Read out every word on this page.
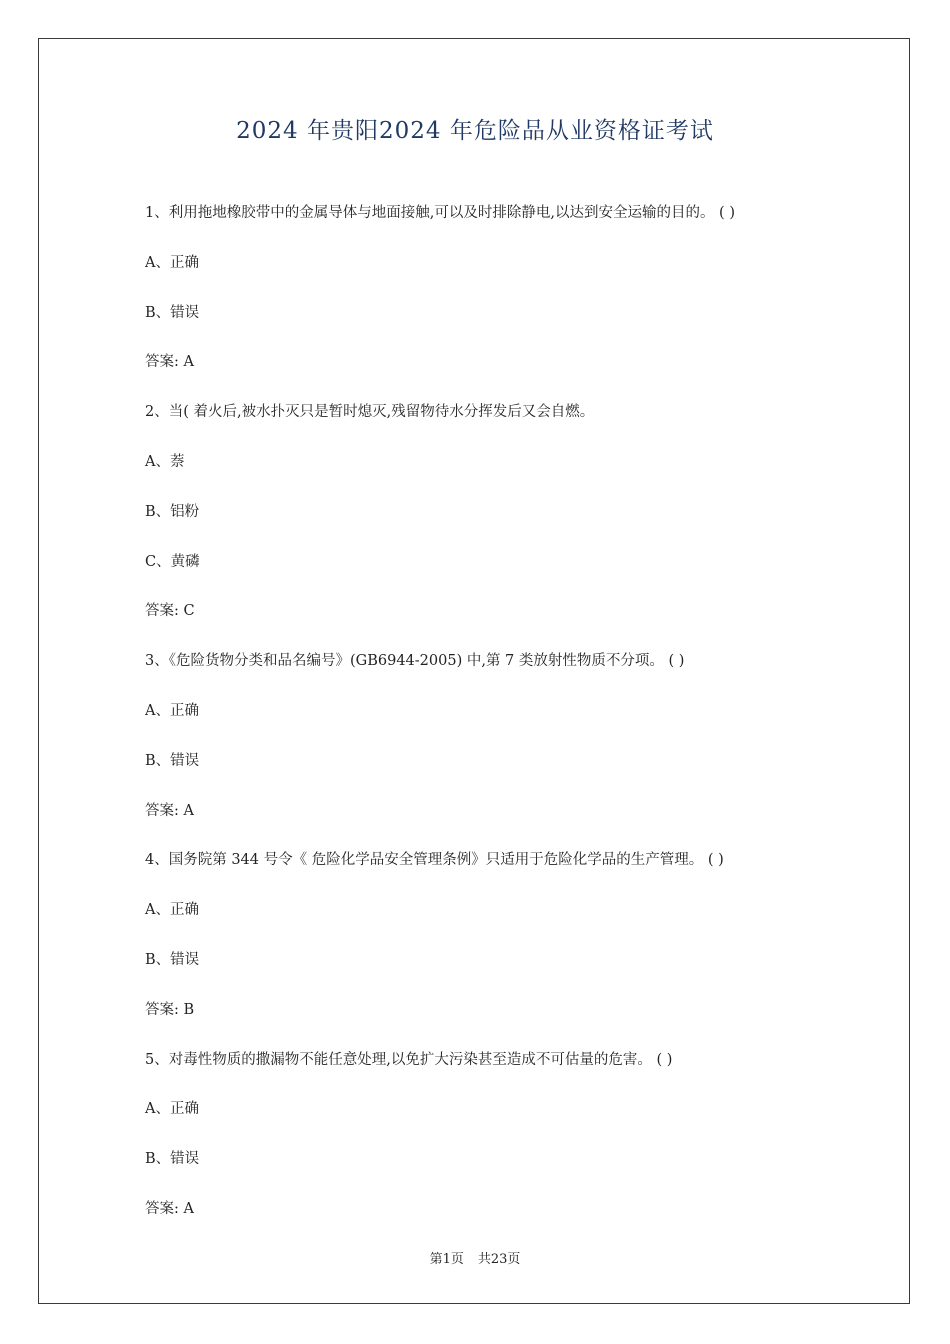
2024 年贵阳2024 年危险品从业资格证考试
1、利用拖地橡胶带中的金属导体与地面接触,可以及时排除静电,以达到安全运输的目的。 ( )
A、正确
B、错误
答案: A
2、当( 着火后,被水扑灭只是暂时熄灭,残留物待水分挥发后又会自燃。
A、萘
B、铝粉
C、黄磷
答案: C
3、《危险货物分类和品名编号》(GB6944-2005) 中,第 7 类放射性物质不分项。 ( )
A、正确
B、错误
答案: A
4、国务院第 344 号令《 危险化学品安全管理条例》只适用于危险化学品的生产管理。 ( )
A、正确
B、错误
答案: B
5、对毒性物质的撒漏物不能任意处理,以免扩大污染甚至造成不可估量的危害。 ( )
A、正确
B、错误
答案: A
第1页 共23页
